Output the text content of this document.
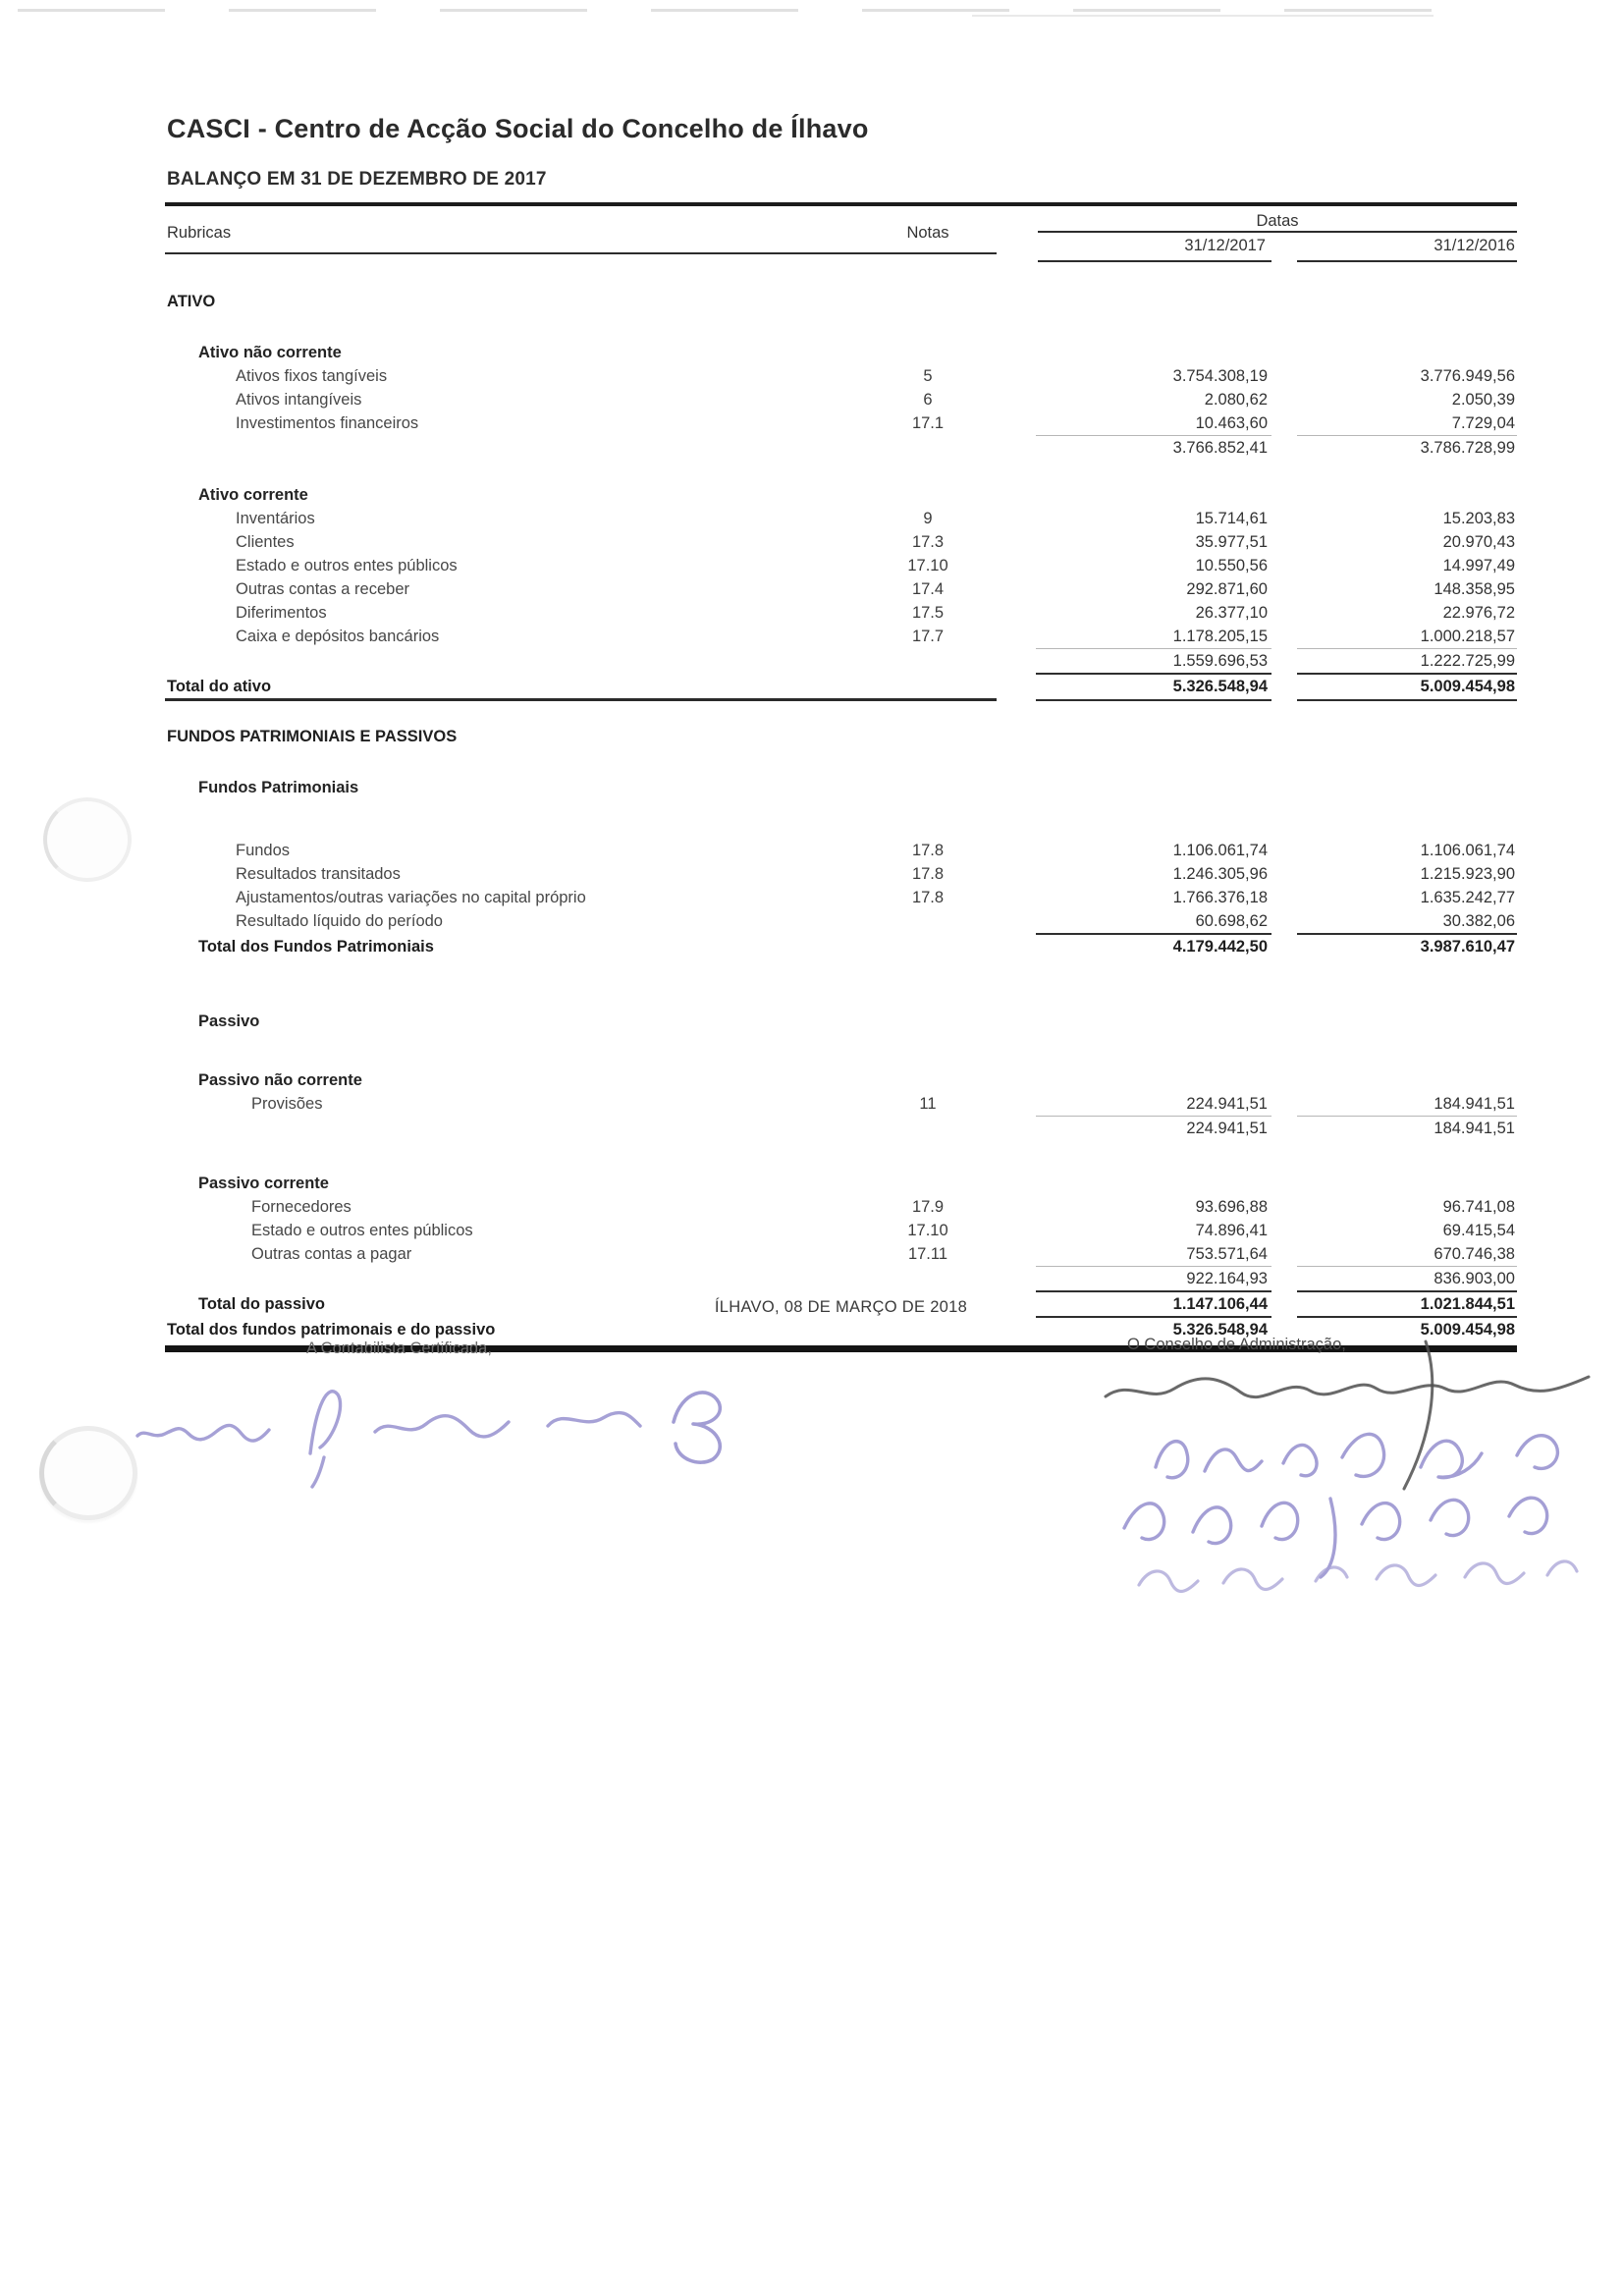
CASCI - Centro de Acção Social do Concelho de Ílhavo
BALANÇO EM 31 DE DEZEMBRO DE 2017
Rubricas	Notas
Datas
31/12/2017	31/12/2016
ATIVO
Ativo não corrente
Ativos fixos tangíveis	5	3.754.308,19	3.776.949,56
Ativos intangíveis	6	2.080,62	2.050,39
Investimentos financeiros	17.1	10.463,60	7.729,04
3.766.852,41	3.786.728,99
Ativo corrente
Inventários	9	15.714,61	15.203,83
Clientes	17.3	35.977,51	20.970,43
Estado e outros entes públicos	17.10	10.550,56	14.997,49
Outras contas a receber	17.4	292.871,60	148.358,95
Diferimentos	17.5	26.377,10	22.976,72
Caixa e depósitos bancários	17.7	1.178.205,15	1.000.218,57
1.559.696,53	1.222.725,99
Total do ativo	5.326.548,94	5.009.454,98
FUNDOS PATRIMONIAIS E PASSIVOS
Fundos Patrimoniais
Fundos	17.8	1.106.061,74	1.106.061,74
Resultados transitados	17.8	1.246.305,96	1.215.923,90
Ajustamentos/outras variações no capital próprio	17.8	1.766.376,18	1.635.242,77
Resultado líquido do período	60.698,62	30.382,06
Total dos Fundos Patrimoniais	4.179.442,50	3.987.610,47
Passivo
Passivo não corrente
Provisões	11	224.941,51	184.941,51
224.941,51	184.941,51
Passivo corrente
Fornecedores	17.9	93.696,88	96.741,08
Estado e outros entes públicos	17.10	74.896,41	69.415,54
Outras contas a pagar	17.11	753.571,64	670.746,38
922.164,93	836.903,00
Total do passivo	1.147.106,44	1.021.844,51
Total dos fundos patrimonais e do passivo	5.326.548,94	5.009.454,98
ÍLHAVO, 08 DE MARÇO DE 2018
A Contabilista Certificada,	O Conselho de Administração,
